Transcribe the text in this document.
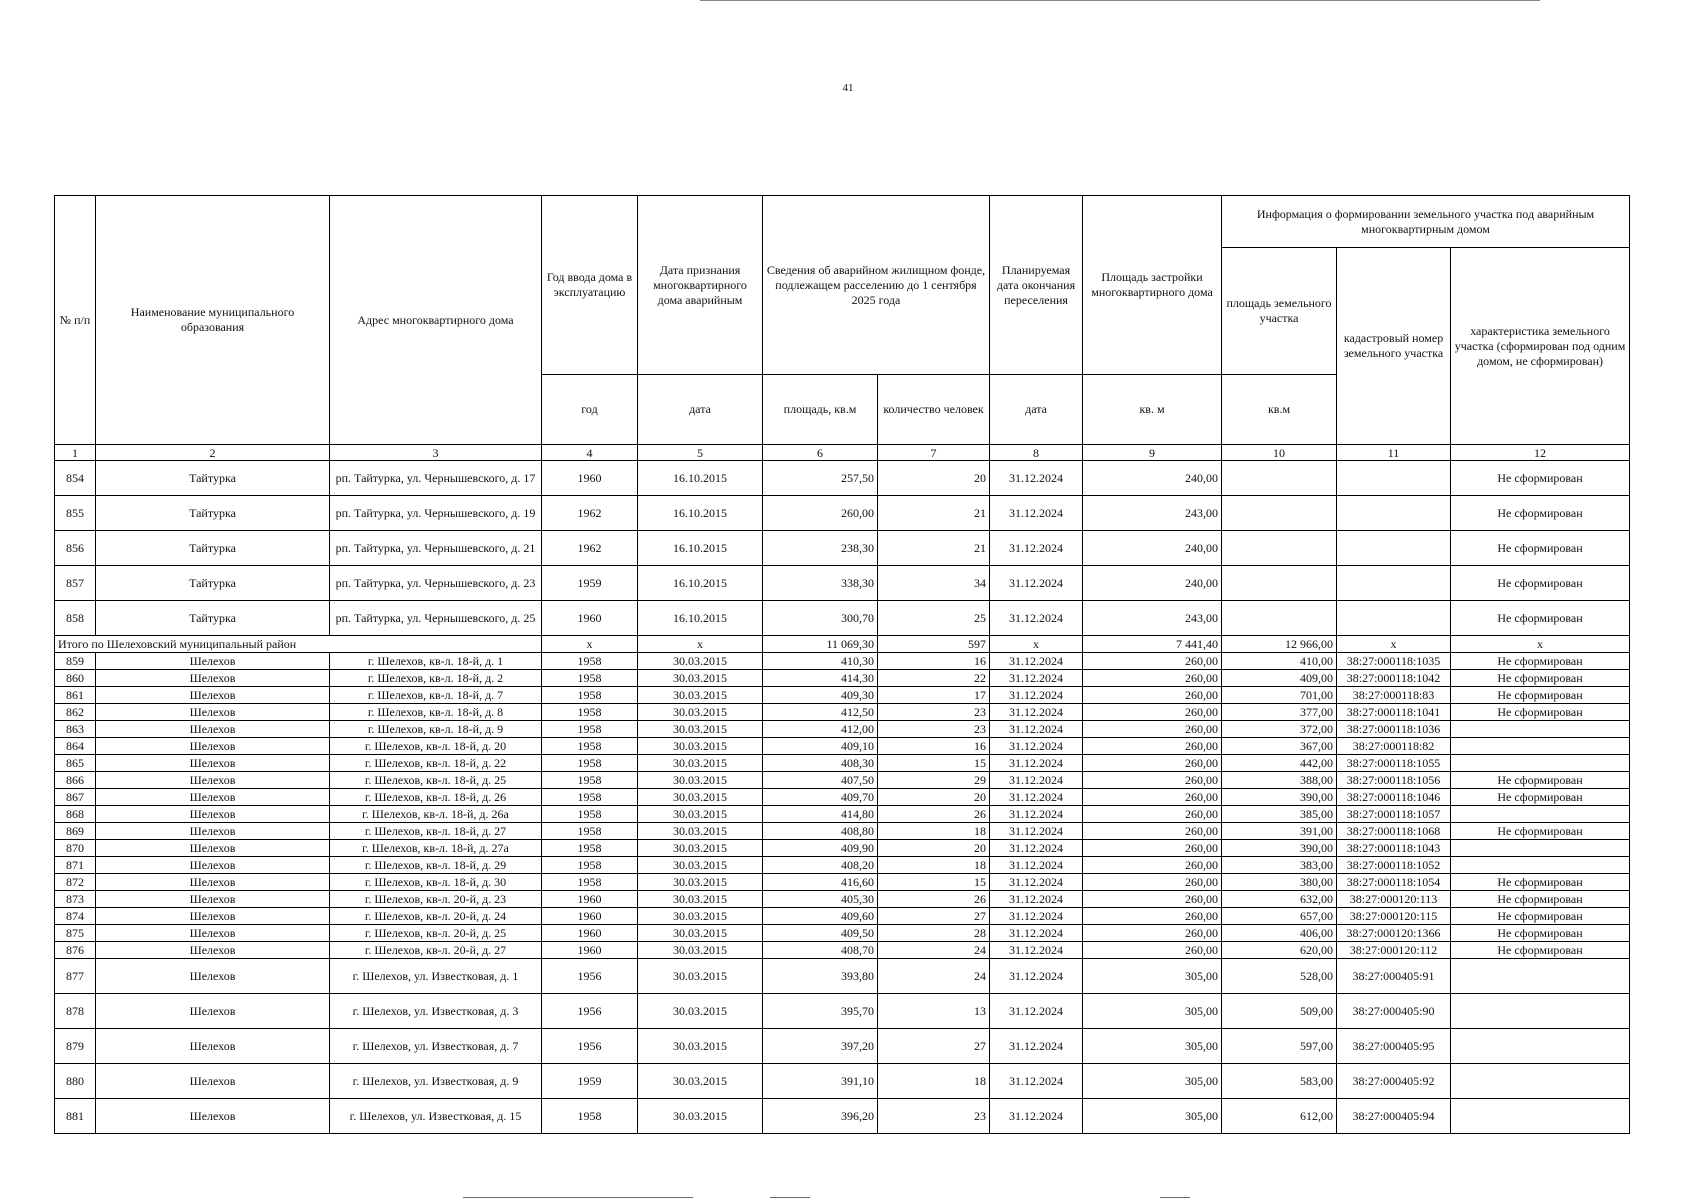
41
№ п/п	Наименование муниципального образования	Адрес многоквартирного дома	Год ввода дома в эксплуатацию	Дата признания многоквартирного дома аварийным	Сведения об аварийном жилищном фонде, подлежащем расселению до 1 сентября 2025 года		Планируемая дата окончания переселения	Площадь застройки многоквартирного дома	Информация о формировании земельного участка под аварийным многоквартирным домом		
									площадь земельного участка	кадастровый номер земельного участка	характеристика земельного участка (сформирован под одним домом, не сформирован)
			год	дата	площадь, кв.м	количество человек	дата	кв. м	кв.м		
1	2	3	4	5	6	7	8	9	10	11	12
854	Тайтурка	рп. Тайтурка, ул. Чернышевского, д. 17	1960	16.10.2015	257,50	20	31.12.2024	240,00			Не сформирован
855	Тайтурка	рп. Тайтурка, ул. Чернышевского, д. 19	1962	16.10.2015	260,00	21	31.12.2024	243,00			Не сформирован
856	Тайтурка	рп. Тайтурка, ул. Чернышевского, д. 21	1962	16.10.2015	238,30	21	31.12.2024	240,00			Не сформирован
857	Тайтурка	рп. Тайтурка, ул. Чернышевского, д. 23	1959	16.10.2015	338,30	34	31.12.2024	240,00			Не сформирован
858	Тайтурка	рп. Тайтурка, ул. Чернышевского, д. 25	1960	16.10.2015	300,70	25	31.12.2024	243,00			Не сформирован
Итого по Шелеховский муниципальный район			x	x	11 069,30	597	x	7 441,40	12 966,00	x	x
859	Шелехов	г. Шелехов, кв-л. 18-й, д. 1	1958	30.03.2015	410,30	16	31.12.2024	260,00	410,00	38:27:000118:1035	Не сформирован
860	Шелехов	г. Шелехов, кв-л. 18-й, д. 2	1958	30.03.2015	414,30	22	31.12.2024	260,00	409,00	38:27:000118:1042	Не сформирован
861	Шелехов	г. Шелехов, кв-л. 18-й, д. 7	1958	30.03.2015	409,30	17	31.12.2024	260,00	701,00	38:27:000118:83	Не сформирован
862	Шелехов	г. Шелехов, кв-л. 18-й, д. 8	1958	30.03.2015	412,50	23	31.12.2024	260,00	377,00	38:27:000118:1041	Не сформирован
863	Шелехов	г. Шелехов, кв-л. 18-й, д. 9	1958	30.03.2015	412,00	23	31.12.2024	260,00	372,00	38:27:000118:1036	
864	Шелехов	г. Шелехов, кв-л. 18-й, д. 20	1958	30.03.2015	409,10	16	31.12.2024	260,00	367,00	38:27:000118:82	
865	Шелехов	г. Шелехов, кв-л. 18-й, д. 22	1958	30.03.2015	408,30	15	31.12.2024	260,00	442,00	38:27:000118:1055	
866	Шелехов	г. Шелехов, кв-л. 18-й, д. 25	1958	30.03.2015	407,50	29	31.12.2024	260,00	388,00	38:27:000118:1056	Не сформирован
867	Шелехов	г. Шелехов, кв-л. 18-й, д. 26	1958	30.03.2015	409,70	20	31.12.2024	260,00	390,00	38:27:000118:1046	Не сформирован
868	Шелехов	г. Шелехов, кв-л. 18-й, д. 26а	1958	30.03.2015	414,80	26	31.12.2024	260,00	385,00	38:27:000118:1057	
869	Шелехов	г. Шелехов, кв-л. 18-й, д. 27	1958	30.03.2015	408,80	18	31.12.2024	260,00	391,00	38:27:000118:1068	Не сформирован
870	Шелехов	г. Шелехов, кв-л. 18-й, д. 27а	1958	30.03.2015	409,90	20	31.12.2024	260,00	390,00	38:27:000118:1043	
871	Шелехов	г. Шелехов, кв-л. 18-й, д. 29	1958	30.03.2015	408,20	18	31.12.2024	260,00	383,00	38:27:000118:1052	
872	Шелехов	г. Шелехов, кв-л. 18-й, д. 30	1958	30.03.2015	416,60	15	31.12.2024	260,00	380,00	38:27:000118:1054	Не сформирован
873	Шелехов	г. Шелехов, кв-л. 20-й, д. 23	1960	30.03.2015	405,30	26	31.12.2024	260,00	632,00	38:27:000120:113	Не сформирован
874	Шелехов	г. Шелехов, кв-л. 20-й, д. 24	1960	30.03.2015	409,60	27	31.12.2024	260,00	657,00	38:27:000120:115	Не сформирован
875	Шелехов	г. Шелехов, кв-л. 20-й, д. 25	1960	30.03.2015	409,50	28	31.12.2024	260,00	406,00	38:27:000120:1366	Не сформирован
876	Шелехов	г. Шелехов, кв-л. 20-й, д. 27	1960	30.03.2015	408,70	24	31.12.2024	260,00	620,00	38:27:000120:112	Не сформирован
877	Шелехов	г. Шелехов, ул. Известковая, д. 1	1956	30.03.2015	393,80	24	31.12.2024	305,00	528,00	38:27:000405:91	
878	Шелехов	г. Шелехов, ул. Известковая, д. 3	1956	30.03.2015	395,70	13	31.12.2024	305,00	509,00	38:27:000405:90	
879	Шелехов	г. Шелехов, ул. Известковая, д. 7	1956	30.03.2015	397,20	27	31.12.2024	305,00	597,00	38:27:000405:95	
880	Шелехов	г. Шелехов, ул. Известковая, д. 9	1959	30.03.2015	391,10	18	31.12.2024	305,00	583,00	38:27:000405:92	
881	Шелехов	г. Шелехов, ул. Известковая, д. 15	1958	30.03.2015	396,20	23	31.12.2024	305,00	612,00	38:27:000405:94	
